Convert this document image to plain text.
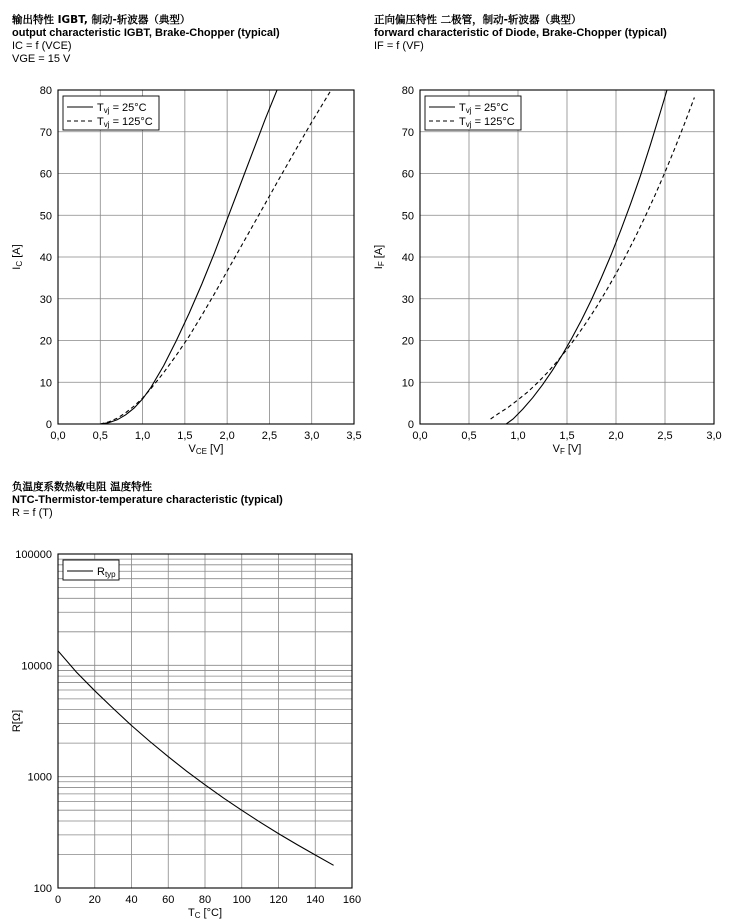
输出特性 IGBT, 制动-斩波器（典型）
output characteristic IGBT, Brake-Chopper (typical)
IC = f (VCE)
VGE = 15 V
正向偏压特性 二极管，制动-斩波器（典型）
forward characteristic of Diode, Brake-Chopper (typical)
IF = f (VF)
负温度系数热敏电阻 温度特性
NTC-Thermistor-temperature characteristic (typical)
R = f (T)
0,0 0,5 1,0 1,5 2,0 2,5 3,0 3,5
0
10
20
30
40
50
60
70
80
VCE [V]
IC [A]
Tvj = 25°C
Tvj = 125°C
0,0	0,5	1,0	1,5	2,0	2,5	3,0
0
10
20
30
40
50
60
70
80
VF [V]
IF [A]
Tvj = 25°C
Tvj = 125°C
0	20 40 60 80 100 120 140 160
100
1000
10000
100000
TC [°C]
R[Ω]
Rtyp
